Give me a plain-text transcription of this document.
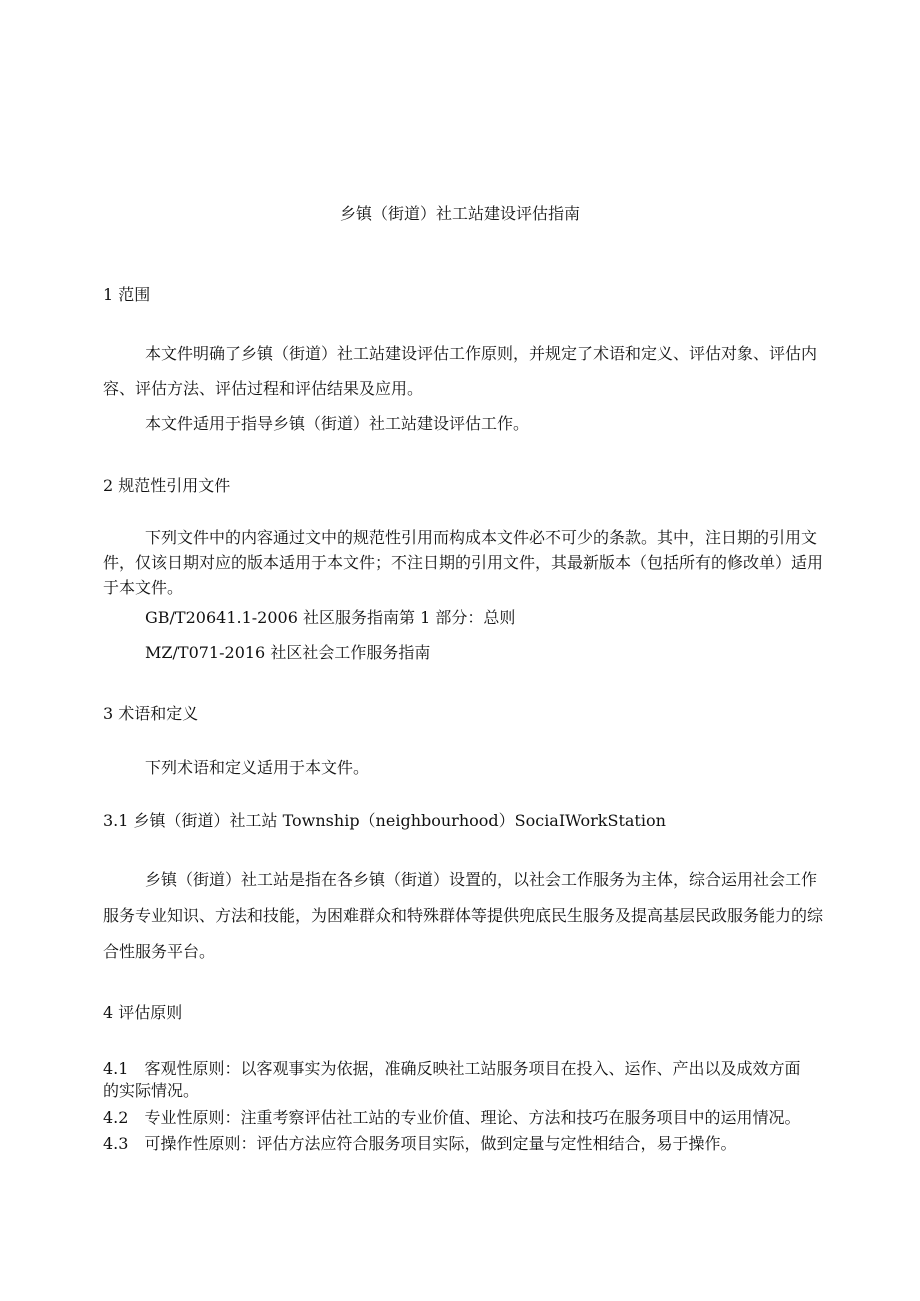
乡镇（街道）社工站建设评估指南
1 范围
本文件明确了乡镇（街道）社工站建设评估工作原则，并规定了术语和定义、评估对象、评估内
容、评估方法、评估过程和评估结果及应用。
本文件适用于指导乡镇（街道）社工站建设评估工作。
2 规范性引用文件
下列文件中的内容通过文中的规范性引用而构成本文件必不可少的条款。其中，注日期的引用文
件，仅该日期对应的版本适用于本文件；不注日期的引用文件，其最新版本（包括所有的修改单）适用
于本文件。
GB/T20641.1-2006 社区服务指南第 1 部分：总则
MZ/T071-2016 社区社会工作服务指南
3 术语和定义
下列术语和定义适用于本文件。
3.1 乡镇（街道）社工站 Township（neighbourhood）SociaIWorkStation
乡镇（街道）社工站是指在各乡镇（街道）设置的，以社会工作服务为主体，综合运用社会工作
服务专业知识、方法和技能，为困难群众和特殊群体等提供兜底民生服务及提高基层民政服务能力的综
合性服务平台。
4 评估原则
4.1　客观性原则：以客观事实为依据，准确反映社工站服务项目在投入、运作、产出以及成效方面
的实际情况。
4.2　专业性原则：注重考察评估社工站的专业价值、理论、方法和技巧在服务项目中的运用情况。
4.3　可操作性原则：评估方法应符合服务项目实际，做到定量与定性相结合，易于操作。
